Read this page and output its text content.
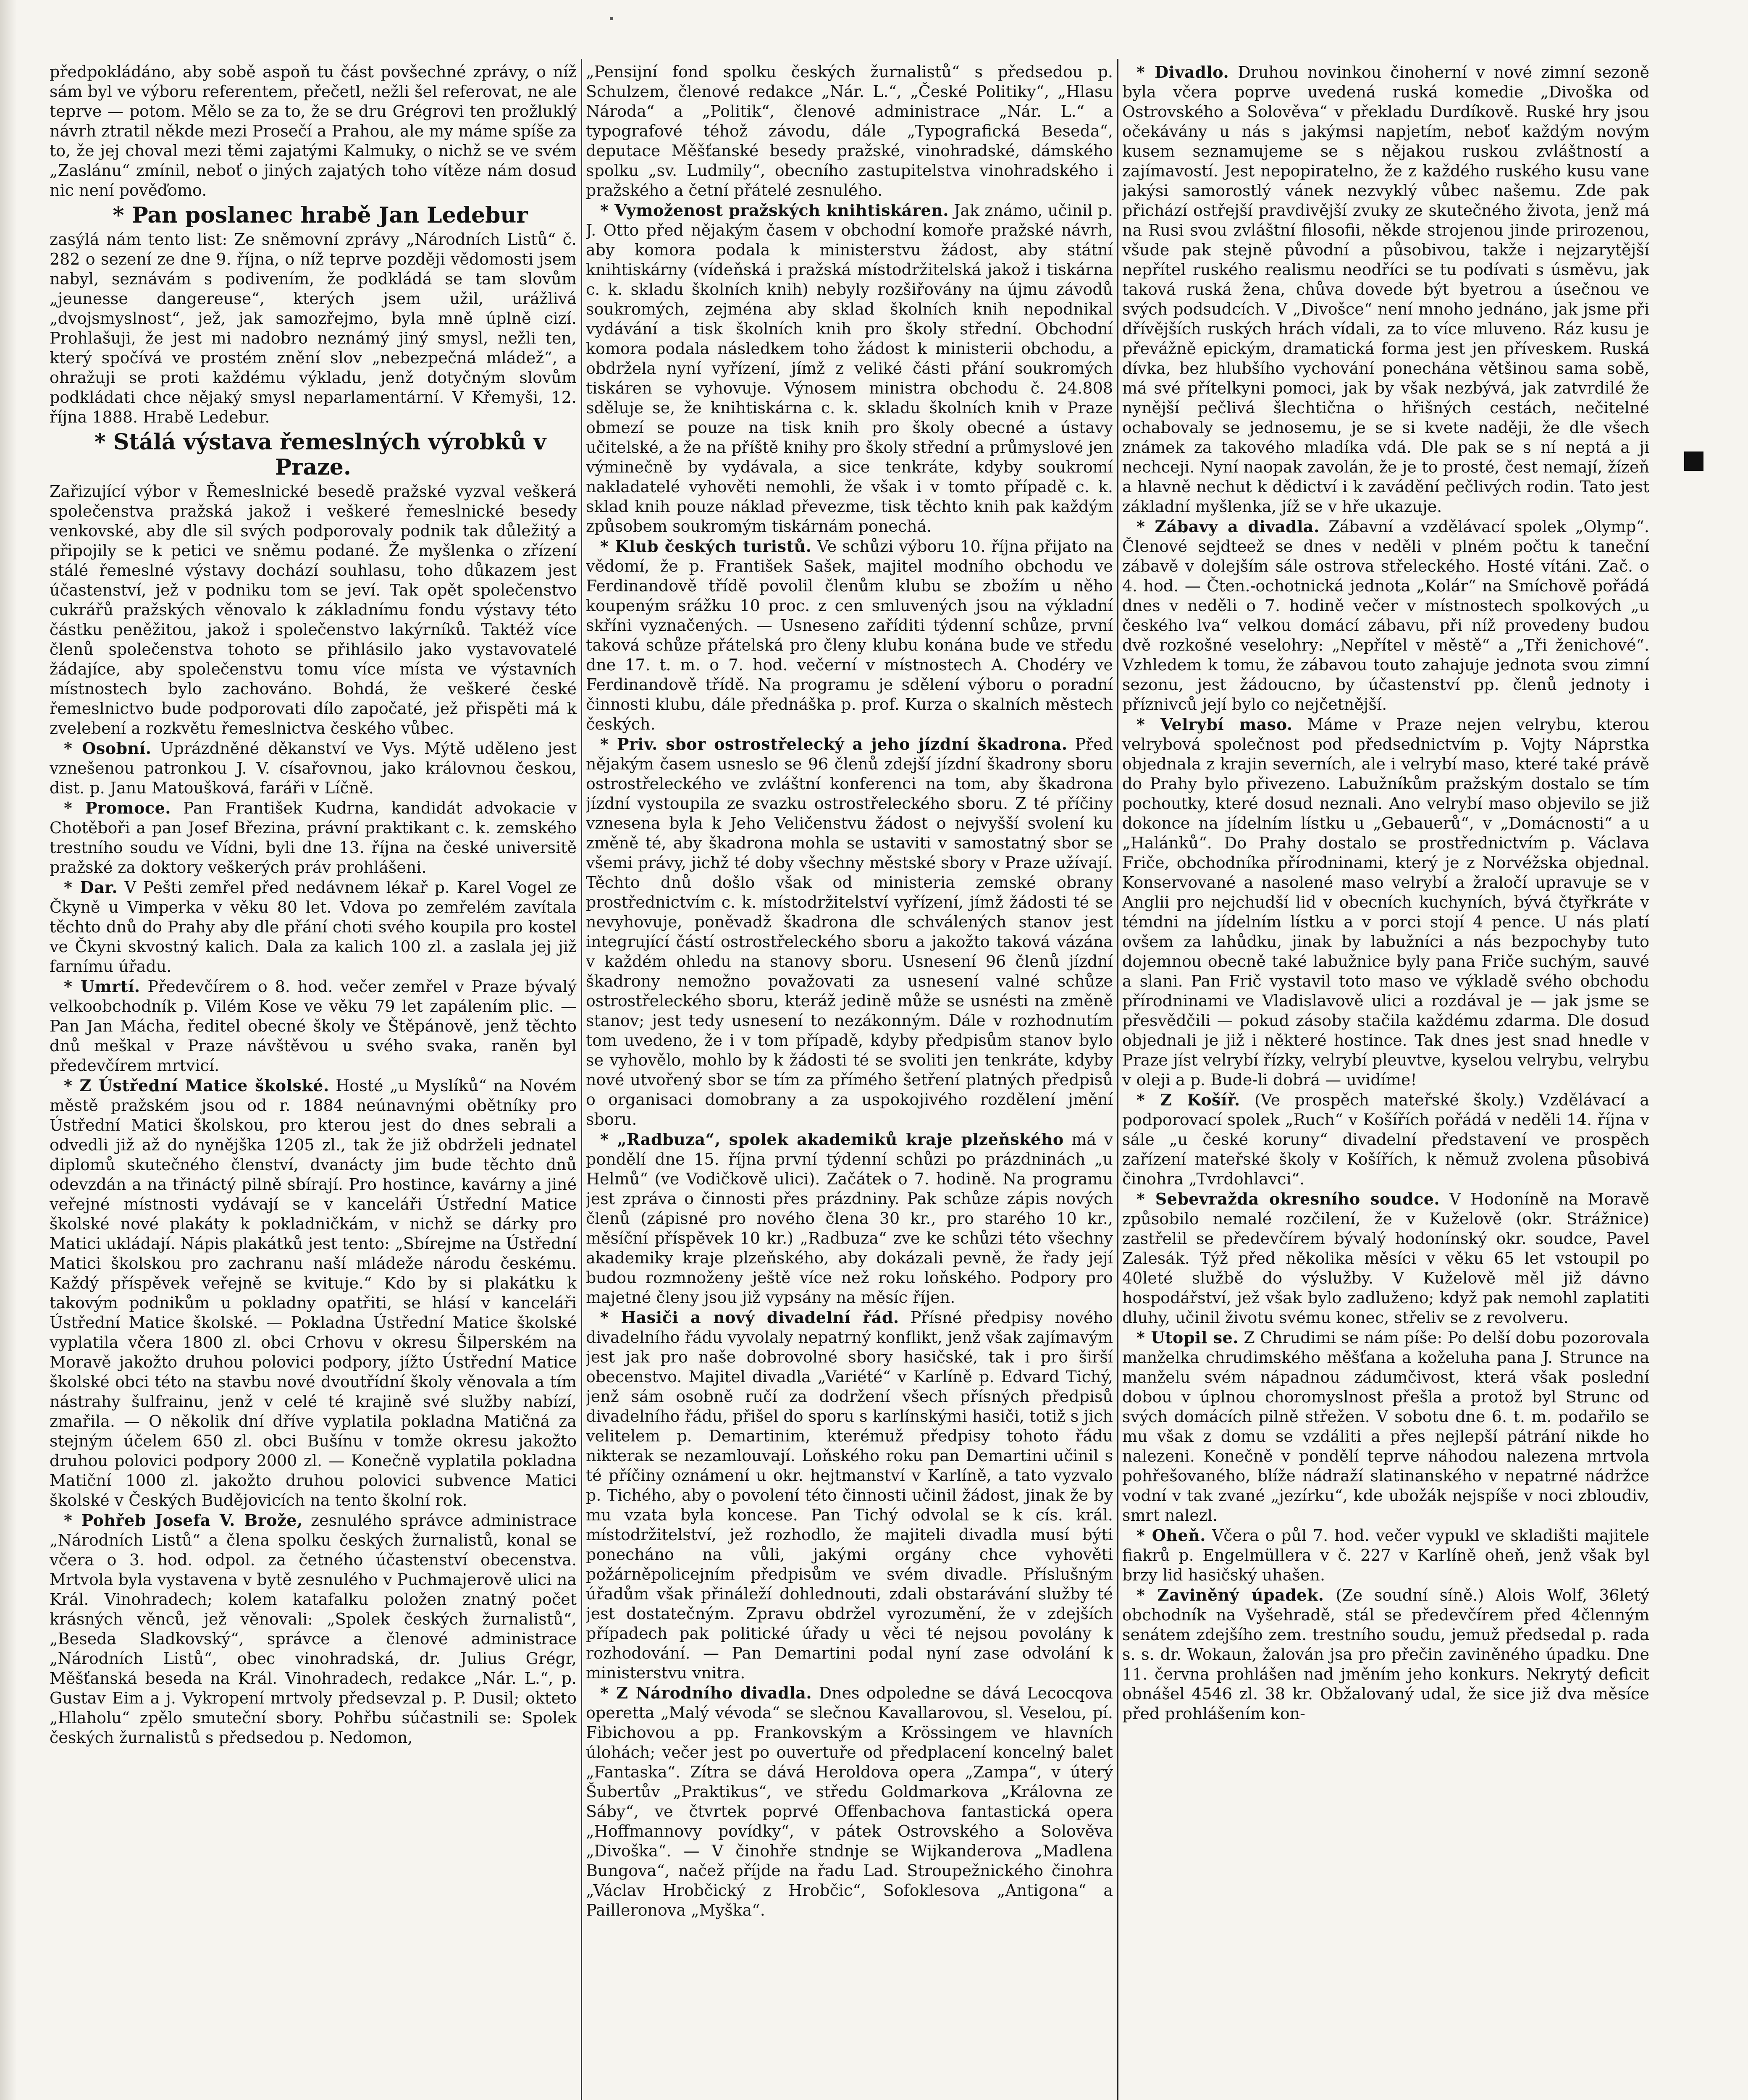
předpokládáno, aby sobě aspoň tu část povšechné zprávy, o níž sám byl ve výboru referentem, přečetl, nežli šel referovat, ne ale teprve — potom. Mělo se za to, že se dru Grégrovi ten prožluklý návrh ztratil někde mezi Prosečí a Prahou, ale my máme spíše za to, že jej choval mezi těmi zajatými Kalmuky, o nichž se ve svém „Zaslánu“ zmínil, neboť o jiných zajatých toho vítěze nám dosud nic není pověďomo.

* Pan poslanec hrabě Jan Ledebur
zasýlá nám tento list: Ze sněmovní zprávy „Národních Listů“ č. 282 o sezení ze dne 9. října, o níž teprve později vědomosti jsem nabyl, seznávám s podivením, že podkládá se tam slovům „jeunesse dangereuse“, kterých jsem užil, urážlivá „dvojsmyslnost“, jež, jak samozřejmo, byla mně úplně cizí. Prohlašuji, že jest mi nadobro neznámý jiný smysl, nežli ten, který spočívá ve prostém znění slov „nebezpečná mládež“, a ohražuji se proti každému výkladu, jenž dotyčným slovům podkládati chce nějaký smysl neparlamentární. V Křemyši, 12. října 1888. Hrabě Ledebur.

* Stálá výstava řemeslných výrobků v Praze.
Zařizující výbor v Řemeslnické besedě pražské vyzval veškerá společenstva pražská jakož i veškeré řemeslnické besedy venkovské, aby dle sil svých podporovaly podnik tak důležitý a připojily se k petici ve sněmu podané. Že myšlenka o zřízení stálé řemeslné výstavy dochází souhlasu, toho důkazem jest účastenství, jež v podniku tom se jeví. Tak opět společenstvo cukrářů pražských věnovalo k základnímu fondu výstavy této částku peněžitou, jakož i společenstvo lakýrníků. Taktéž více členů společenstva tohoto se přihlásilo jako vystavovatelé žádajíce, aby společenstvu tomu více místa ve výstavních místnostech bylo zachováno. Bohdá, že veškeré české řemeslnictvo bude podporovati dílo započaté, jež přispěti má k zvelebení a rozkvětu řemeslnictva českého vůbec.

* Osobní. Uprázdněné děkanství ve Vys. Mýtě uděleno jest vznešenou patronkou J. V. císařovnou, jako královnou českou, dist. p. Janu Matoušková, faráři v Líčně.

* Promoce. Pan František Kudrna, kandidát advokacie v Chotěboři a pan Josef Březina, právní praktikant c. k. zemského trestního soudu ve Vídni, byli dne 13. října na české universitě pražské za doktory veškerých práv prohlášeni.

* Dar. V Pešti zemřel před nedávnem lékař p. Karel Vogel ze Čkyně u Vimperka v věku 80 let. Vdova po zemřelém zavítala těchto dnů do Prahy aby dle přání choti svého koupila pro kostel ve Čkyni skvostný kalich. Dala za kalich 100 zl. a zaslala jej již farnímu úřadu.

* Umrtí. Předevčírem o 8. hod. večer zemřel v Praze bývalý velkoobchodník p. Vilém Kose ve věku 79 let zapálením plic. — Pan Jan Mácha, ředitel obecné školy ve Štěpánově, jenž těchto dnů meškal v Praze návštěvou u svého svaka, raněn byl předevčírem mrtvicí.

* Z Ústřední Matice školské. Hosté „u Myslíků“ na Novém městě pražském jsou od r. 1884 neúnavnými obětníky pro Ústřední Matici školskou, pro kterou jest do dnes sebrali a odvedli již až do nynějška 1205 zl., tak že již obdrželi jednatel diplomů skutečného členství, dvanácty jim bude těchto dnů odevzdán a na třináctý pilně sbírají. Pro hostince, kavárny a jiné veřejné místnosti vydávají se v kanceláři Ústřední Matice školské nové plakáty k pokladničkám, v nichž se dárky pro Matici ukládají. Nápis plakátků jest tento: „Sbírejme na Ústřední Matici školskou pro zachranu naší mládeže národu českému. Každý příspěvek veřejně se kvituje.“ Kdo by si plakátku k takovým podnikům u pokladny opatřiti, se hlásí v kanceláři Ústřední Matice školské. — Pokladna Ústřední Matice školské vyplatila včera 1800 zl. obci Crhovu v okresu Šilperském na Moravě jakožto druhou polovici podpory, jížto Ústřední Matice školské obci této na stavbu nové dvoutřídní školy věnovala a tím nástrahy šulfrainu, jenž v celé té krajině své služby nabízí, zmařila. — O několik dní dříve vyplatila pokladna Matičná za stejným účelem 650 zl. obci Bušínu v tomže okresu jakožto druhou polovici podpory 2000 zl. — Konečně vyplatila pokladna Matiční 1000 zl. jakožto druhou polovici subvence Matici školské v Českých Budějovicích na tento školní rok.

* Pohřeb Josefa V. Brože, zesnulého správce administrace „Národních Listů“ a člena spolku českých žurnalistů, konal se včera o 3. hod. odpol. za četného účastenství obecenstva. Mrtvola byla vystavena v bytě zesnulého v Puchmajerově ulici na Král. Vinohradech; kolem katafalku položen znatný počet krásných věnců, jež věnovali: „Spolek českých žurnalistů“, „Beseda Sladkovský“, správce a členové administrace „Národních Listů“, obec vinohradská, dr. Julius Grégr, Měšťanská beseda na Král. Vinohradech, redakce „Nár. L.“, p. Gustav Eim a j. Vykropení mrtvoly předsevzal p. P. Dusil; okteto „Hlaholu“ zpělo smuteční sbory. Pohřbu súčastnili se: Spolek českých žurnalistů s předsedou p. Nedomon,

„Pensijní fond spolku českých žurnalistů“ s předsedou p. Schulzem, členové redakce „Nár. L.“, „České Politiky“, „Hlasu Národa“ a „Politik“, členové administrace „Nár. L.“ a typografové téhož závodu, dále „Typografická Beseda“, deputace Měšťanské besedy pražské, vinohradské, dámského spolku „sv. Ludmily“, obecního zastupitelstva vinohradského i pražského a četní přátelé zesnulého.

* Vymoženost pražských knihtiskáren. Jak známo, učinil p. J. Otto před nějakým časem v obchodní komoře pražské návrh, aby komora podala k ministerstvu žádost, aby státní knihtiskárny (vídeňská i pražská místodržitelská jakož i tiskárna c. k. skladu školních knih) nebyly rozšiřovány na újmu závodů soukromých, zejména aby sklad školních knih nepodnikal vydávání a tisk školních knih pro školy střední. Obchodní komora podala následkem toho žádost k ministerii obchodu, a obdržela nyní vyřízení, jímž z veliké části přání soukromých tiskáren se vyhovuje. Výnosem ministra obchodu č. 24.808 sděluje se, že knihtiskárna c. k. skladu školních knih v Praze obmezí se pouze na tisk knih pro školy obecné a ústavy učitelské, a že na příště knihy pro školy střední a průmyslové jen výminečně by vydávala, a sice tenkráte, kdyby soukromí nakladatelé vyhověti nemohli, že však i v tomto případě c. k. sklad knih pouze náklad převezme, tisk těchto knih pak každým způsobem soukromým tiskárnám ponechá.

* Klub českých turistů. Ve schůzi výboru 10. října přijato na vědomí, že p. František Sašek, majitel modního obchodu ve Ferdinandově třídě povolil členům klubu se zbožím u něho koupeným srážku 10 proc. z cen smluvených jsou na výkladní skříni vyznačených. — Usneseno zaříditi týdenní schůze, první taková schůze přátelská pro členy klubu konána bude ve středu dne 17. t. m. o 7. hod. večerní v místnostech A. Chodéry ve Ferdinandově třídě. Na programu je sdělení výboru o poradní činnosti klubu, dále přednáška p. prof. Kurza o skalních městech českých.

* Priv. sbor ostrostřelecký a jeho jízdní škadrona. Před nějakým časem usneslo se 96 členů zdejší jízdní škadrony sboru ostrostřeleckého ve zvláštní konferenci na tom, aby škadrona jízdní vystoupila ze svazku ostrostřeleckého sboru. Z té příčiny vznesena byla k Jeho Veličenstvu žádost o nejvyšší svolení ku změně té, aby škadrona mohla se ustaviti v samostatný sbor se všemi právy, jichž té doby všechny městské sbory v Praze užívají. Těchto dnů došlo však od ministeria zemské obrany prostřednictvím c. k. místodržitelství vyřízení, jímž žádosti té se nevyhovuje, poněvadž škadrona dle schválených stanov jest integrující částí ostrostřeleckého sboru a jakožto taková vázána v každém ohledu na stanovy sboru. Usnesení 96 členů jízdní škadrony nemožno považovati za usnesení valné schůze ostrostřeleckého sboru, kteráž jedině může se usnésti na změně stanov; jest tedy usnesení to nezákonným. Dále v rozhodnutím tom uvedeno, že i v tom případě, kdyby předpisům stanov bylo se vyhovělo, mohlo by k žádosti té se svoliti jen tenkráte, kdyby nové utvořený sbor se tím za přímého šetření platných předpisů o organisaci domobrany a za uspokojivého rozdělení jmění sboru.

* „Radbuza“, spolek akademiků kraje plzeňského má v pondělí dne 15. října první týdenní schůzi po prázdninách „u Helmů“ (ve Vodičkově ulici). Začátek o 7. hodině. Na programu jest zpráva o činnosti přes prázdniny. Pak schůze zápis nových členů (zápisné pro nového člena 30 kr., pro starého 10 kr., měsíční příspěvek 10 kr.) „Radbuza“ zve ke schůzi této všechny akademiky kraje plzeňského, aby dokázali pevně, že řady její budou rozmnoženy ještě více než roku loňského. Podpory pro majetné členy jsou již vypsány na měsíc říjen.

* Hasiči a nový divadelní řád. Přísné předpisy nového divadelního řádu vyvolaly nepatrný konflikt, jenž však zajímavým jest jak pro naše dobrovolné sbory hasičské, tak i pro širší obecenstvo. Majitel divadla „Variété“ v Karlíně p. Edvard Tichý, jenž sám osobně ručí za dodržení všech přísných předpisů divadelního řádu, přišel do sporu s karlínskými hasiči, totiž s jich velitelem p. Demartinim, kterémuž předpisy tohoto řádu nikterak se nezamlouvají. Loňského roku pan Demartini učinil s té příčiny oznámení u okr. hejtmanství v Karlíně, a tato vyzvalo p. Tichého, aby o povolení této činnosti učinil žádost, jinak že by mu vzata byla koncese. Pan Tichý odvolal se k cís. král. místodržitelství, jež rozhodlo, že majiteli divadla musí býti ponecháno na vůli, jakými orgány chce vyhověti požárněpolicejním předpisům ve svém divadle. Příslušným úřadům však přináleží dohlednouti, zdali obstarávání služby té jest dostatečným. Zpravu obdržel vyrozumění, že v zdejších případech pak politické úřady u věci té nejsou povolány k rozhodování. — Pan Demartini podal nyní zase odvolání k ministerstvu vnitra.

* Z Národního divadla. Dnes odpoledne se dává Lecocqova operetta „Malý vévoda“ se slečnou Kavallarovou, sl. Veselou, pí. Fibichovou a pp. Frankovským a Krössingem ve hlavních úlohách; večer jest po ouvertuře od předplacení koncelný balet „Fantaska“. Zítra se dává Heroldova opera „Zampa“, v úterý Šubertův „Praktikus“, ve středu Goldmarkova „Královna ze Sáby“, ve čtvrtek poprvé Offenbachova fantastická opera „Hoffmannovy povídky“, v pátek Ostrovského a Solověva „Divoška“. — V činohře stndnje se Wijkanderova „Madlena Bungova“, načež příjde na řadu Lad. Stroupežnického činohra „Václav Hrobčický z Hrobčic“, Sofoklesova „Antigona“ a Pailleronova „Myška“.

* Divadlo. Druhou novinkou činoherní v nové zimní sezoně byla včera poprve uvedená ruská komedie „Divoška od Ostrovského a Solověva“ v překladu Durdíkově. Ruské hry jsou očekávány u nás s jakýmsi napjetím, neboť každým novým kusem seznamujeme se s nějakou ruskou zvláštností a zajímavostí. Jest nepopiratelno, že z každého ruského kusu vane jakýsi samorostlý vánek nezvyklý vůbec našemu. Zde pak přichází ostřejší pravdivější zvuky ze skutečného života, jenž má na Rusi svou zvláštní filosofii, někde strojenou jinde prirozenou, všude pak stejně původní a působivou, takže i nejzarytější nepřítel ruského realismu neodříci se tu podívati s úsměvu, jak taková ruská žena, chůva dovede být byetrou a úsečnou ve svých podsudcích. V „Divošce“ není mnoho jednáno, jak jsme při dřívějších ruských hrách vídali, za to více mluveno. Ráz kusu je převážně epickým, dramatická forma jest jen příveskem. Ruská dívka, bez hlubšího vychování ponechána většinou sama sobě, má své přítelkyni pomoci, jak by však nezbývá, jak zatvrdilé že nynější pečlivá šlechtična o hřišných cestách, nečitelné ochabovaly se jednosemu, je se si kvete naději, že dle všech známek za takového mladíka vdá. Dle pak se s ní neptá a ji nechceji. Nyní naopak zavolán, že je to prosté, čest nemají, žízeň a hlavně nechut k dědictví i k zavádění pečlivých rodin. Tato jest základní myšlenka, jíž se v hře ukazuje.

* Zábavy a divadla. Zábavní a vzdělávací spolek „Olymp“. Členové sejdteež se dnes v neděli v plném počtu k taneční zábavě v dolejším sále ostrova střeleckého. Hosté vítáni. Zač. o 4. hod. — Čten.-ochotnická jednota „Kolár“ na Smíchově pořádá dnes v neděli o 7. hodině večer v místnostech spolkových „u českého lva“ velkou domácí zábavu, při níž provedeny budou dvě rozkošné veselohry: „Nepřítel v městě“ a „Tři ženichové“. Vzhledem k tomu, že zábavou touto zahajuje jednota svou zimní sezonu, jest žádoucno, by účastenství pp. členů jednoty i příznivců její bylo co nejčetnější.

* Velrybí maso. Máme v Praze nejen velrybu, kterou velrybová společnost pod předsednictvím p. Vojty Náprstka objednala z krajin severních, ale i velrybí maso, které také právě do Prahy bylo přivezeno. Labužníkům pražským dostalo se tím pochoutky, které dosud neznali. Ano velrybí maso objevilo se již dokonce na jídelním lístku u „Gebauerů“, v „Domácnosti“ a u „Halánků“. Do Prahy dostalo se prostřednictvím p. Václava Friče, obchodníka přírodninami, který je z Norvéžska objednal. Konservované a nasolené maso velrybí a žraločí upravuje se v Anglii pro nejchudší lid v obecních kuchyních, bývá čtyřkráte v témdni na jídelním lístku a v porci stojí 4 pence. U nás platí ovšem za lahůdku, jinak by labužníci a nás bezpochyby tuto dojemnou obecně také labužnice byly pana Friče suchým, sauvé a slani. Pan Frič vystavil toto maso ve výkladě svého obchodu přírodninami ve Vladislavově ulici a rozdával je — jak jsme se přesvědčili — pokud zásoby stačila každému zdarma. Dle dosud objednali je již i některé hostince. Tak dnes jest snad hnedle v Praze jíst velrybí řízky, velrybí pleuvtve, kyselou velrybu, velrybu v oleji a p. Bude-li dobrá — uvidíme!

* Z Košíř. (Ve prospěch mateřské školy.) Vzdělávací a podporovací spolek „Ruch“ v Košířích pořádá v neděli 14. října v sále „u české koruny“ divadelní představení ve prospěch zařízení mateřské školy v Košířích, k němuž zvolena působivá činohra „Tvrdohlavci“.

* Sebevražda okresního soudce. V Hodoníně na Moravě způsobilo nemalé rozčilení, že v Kuželově (okr. Strážnice) zastřelil se předevčírem bývalý hodonínský okr. soudce, Pavel Zalesák. Týž před několika měsíci v věku 65 let vstoupil po 40leté službě do výslužby. V Kuželově měl již dávno hospodářství, jež však bylo zadluženo; když pak nemohl zaplatiti dluhy, učinil životu svému konec, střeliv se z revolveru.

* Utopil se. Z Chrudimi se nám píše: Po delší dobu pozorovala manželka chrudimského měšťana a koželuha pana J. Strunce na manželu svém nápadnou zádumčivost, která však poslední dobou v úplnou choromyslnost přešla a protož byl Strunc od svých domácích pilně střežen. V sobotu dne 6. t. m. podařilo se mu však z domu se vzdáliti a přes nejlepší pátrání nikde ho nalezeni. Konečně v pondělí teprve náhodou nalezena mrtvola pohřešovaného, blíže nádraží slatinanského v nepatrné nádržce vodní v tak zvané „jezírku“, kde ubožák nejspíše v noci zbloudiv, smrt nalezl.

* Oheň. Včera o půl 7. hod. večer vypukl ve skladišti majitele fiakrů p. Engelmüllera v č. 227 v Karlíně oheň, jenž však byl brzy lid hasičský uhašen.

* Zaviněný úpadek. (Ze soudní síně.) Alois Wolf, 36letý obchodník na Vyšehradě, stál se předevčírem před 4členným senátem zdejšího zem. trestního soudu, jemuž předsedal p. rada s. s. dr. Wokaun, žalován jsa pro přečin zaviněného úpadku. Dne 11. června prohlášen nad jměním jeho konkurs. Nekrytý deficit obnášel 4546 zl. 38 kr. Obžalovaný udal, že sice již dva měsíce před prohlášením kon-
